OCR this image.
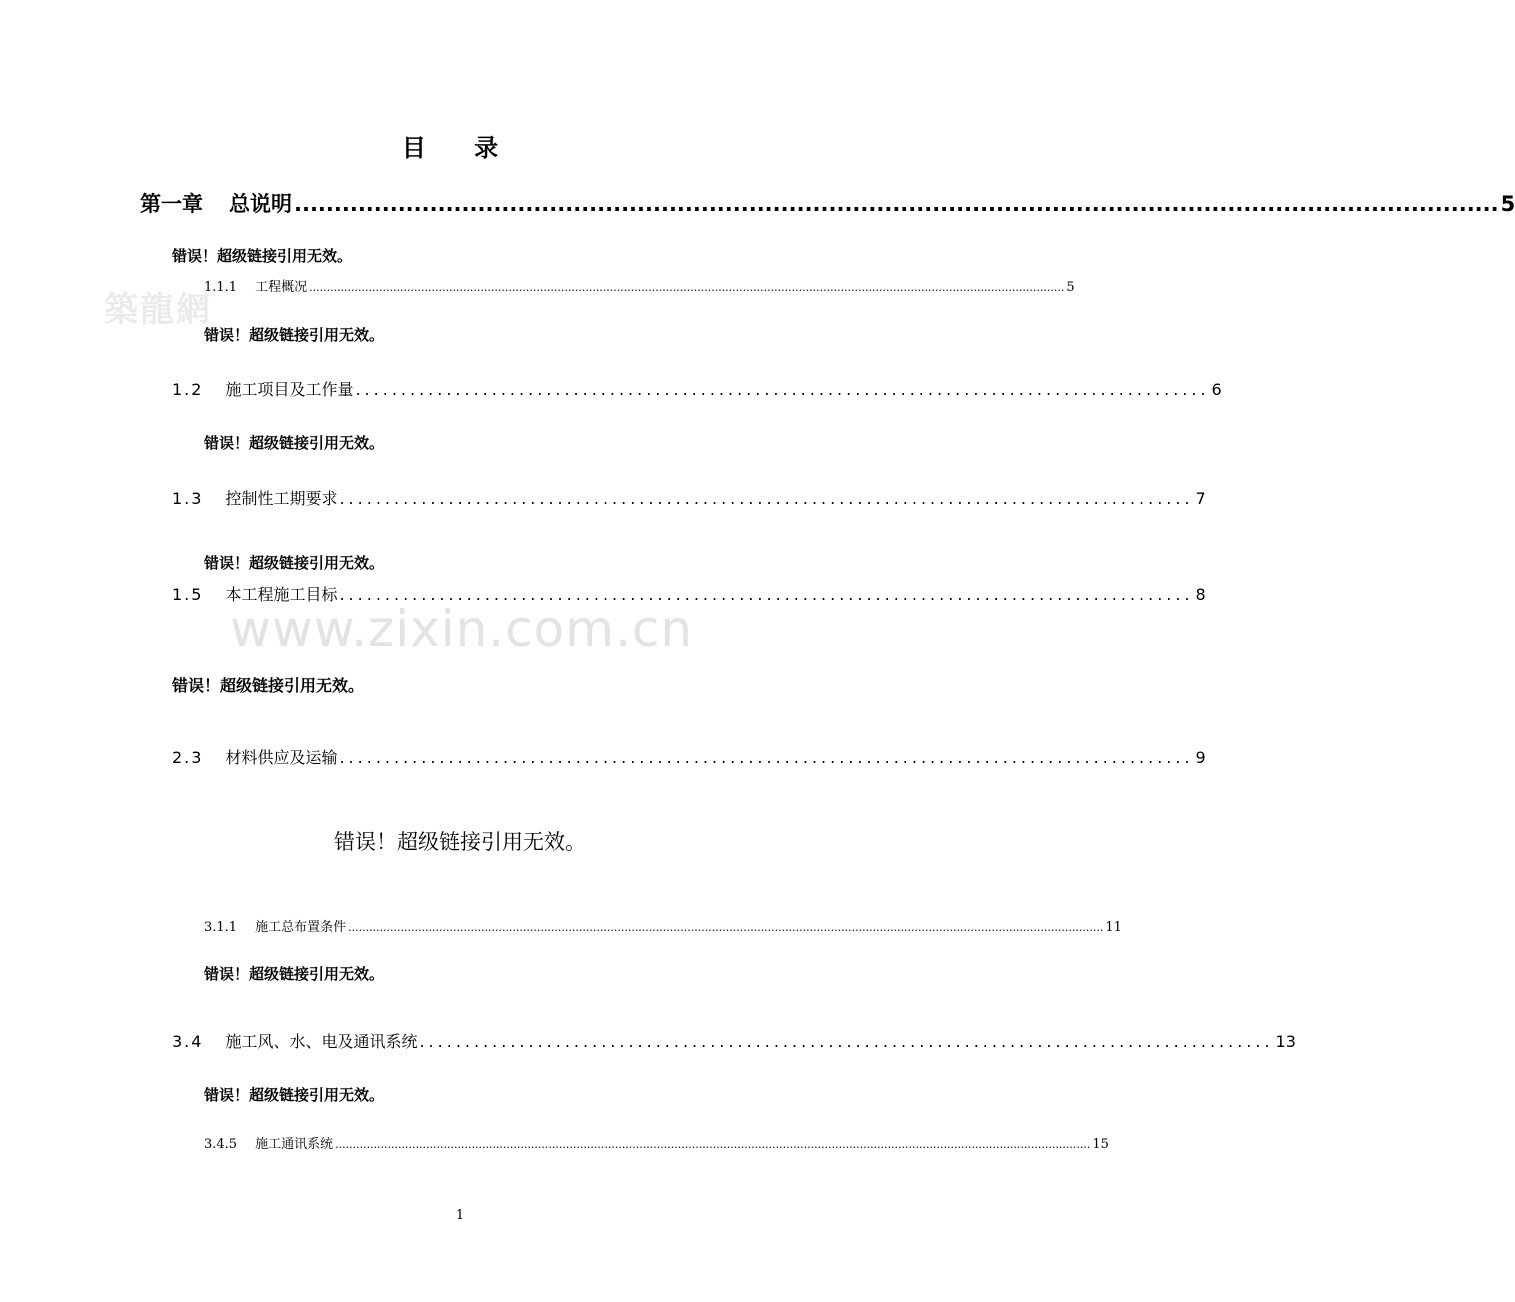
築龍網
www.zixin.com.cn
目 录
第一章 总说明 ....................................................................................................................................................... 5
错误！超级链接引用无效。
1.1.1 工程概况 ........................................................................................................................................................................................................................ 5
错误！超级链接引用无效。
1.2 施工项目及工作量 .............................................................................................. 6
错误！超级链接引用无效。
1.3 控制性工期要求 .............................................................................................. 7
错误！超级链接引用无效。
1.5 本工程施工目标 .............................................................................................. 8
错误！超级链接引用无效。
2.3 材料供应及运输 .............................................................................................. 9
错误！超级链接引用无效。
3.1.1 施工总布置条件 ........................................................................................................................................................................................................................ 11
错误！超级链接引用无效。
3.4 施工风、水、电及通讯系统 .............................................................................................. 13
错误！超级链接引用无效。
3.4.5 施工通讯系统 ........................................................................................................................................................................................................................ 15
1
